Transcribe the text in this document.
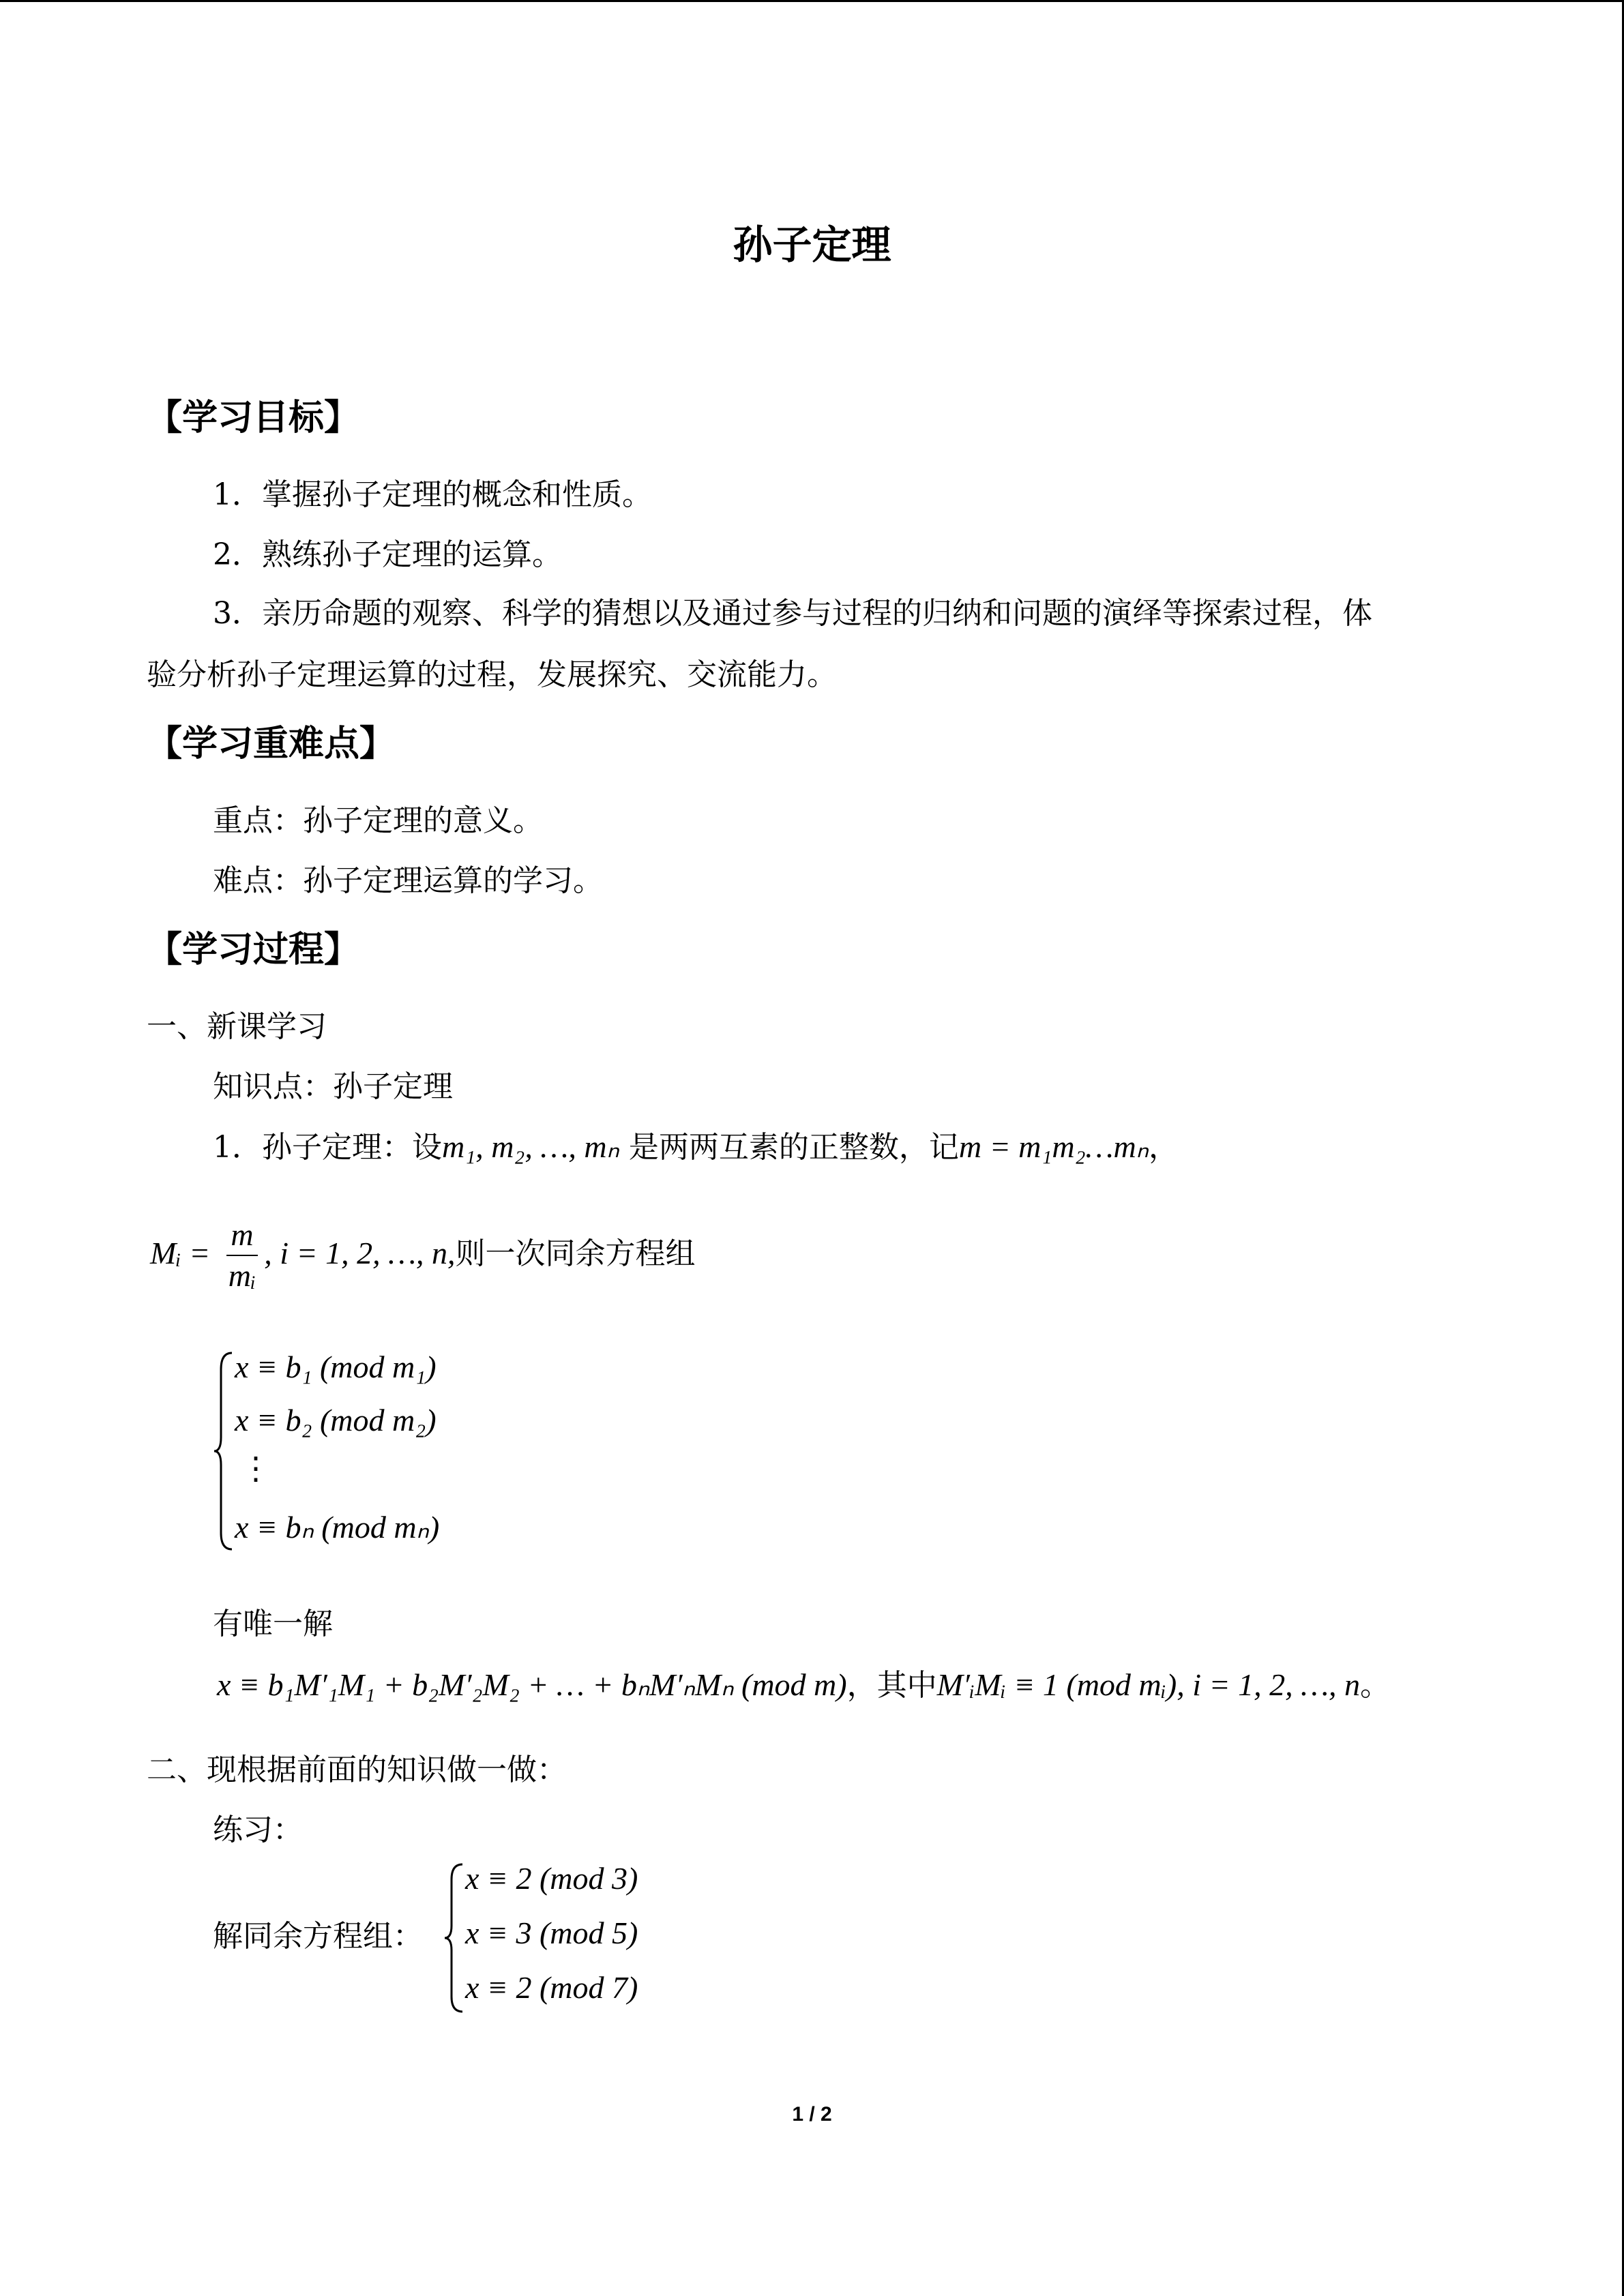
孙子定理
【学习目标】
1．掌握孙子定理的概念和性质。
2．熟练孙子定理的运算。
3．亲历命题的观察、科学的猜想以及通过参与过程的归纳和问题的演绎等探索过程，体
验分析孙子定理运算的过程，发展探究、交流能力。
【学习重难点】
重点：孙子定理的意义。
难点：孙子定理运算的学习。
【学习过程】
一、新课学习
知识点：孙子定理
1．孙子定理：设m₁, m₂, …, mₙ 是两两互素的正整数，记m = m₁m₂…mₙ，
Mᵢ = $\frac{m}{\text{mᵢ}}$ , i = 1, 2, …, n,则一次同余方程组
x ≡ b₁ (mod m₁)
x ≡ b₂ (mod m₂)
⋮
x ≡ bₙ (mod mₙ)
有唯一解
x ≡ b₁M′₁M₁ + b₂M′₂M₂ + … + bₙM′ₙMₙ (mod m)，其中M′ᵢMᵢ ≡ 1 (mod mᵢ), i = 1, 2, …, n。
二、现根据前面的知识做一做：
练习：
解同余方程组：
x ≡ 2 (mod 3)
x ≡ 3 (mod 5)
x ≡ 2 (mod 7)
1 / 2
